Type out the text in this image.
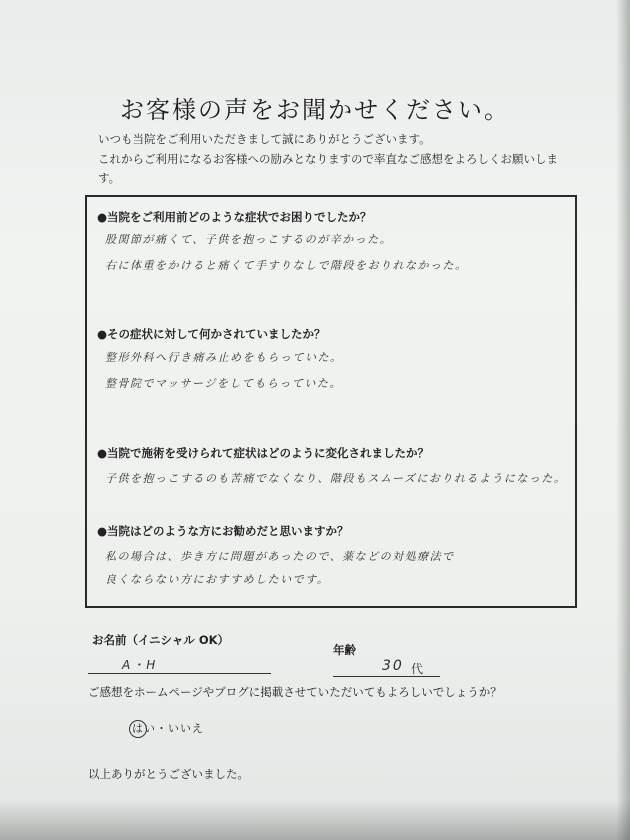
お客様の声をお聞かせください。
いつも当院をご利用いただきまして誠にありがとうございます。
これからご利用になるお客様への励みとなりますので率直なご感想をよろしくお願いしま
す。
●当院をご利用前どのような症状でお困りでしたか？
股関節が痛くて、子供を抱っこするのが辛かった。
右に体重をかけると痛くて手すりなしで階段をおりれなかった。
●その症状に対して何かされていましたか？
整形外科へ行き痛み止めをもらっていた。
整骨院でマッサージをしてもらっていた。
●当院で施術を受けられて症状はどのように変化されましたか？
子供を抱っこするのも苦痛でなくなり、階段もスムーズにおりれるようになった。
●当院はどのような方にお勧めだと思いますか？
私の場合は、歩き方に問題があったので、薬などの対処療法で
良くならない方におすすめしたいです。
お名前（イニシャル OK）
A・H
年齢
30 代
ご感想をホームページやブログに掲載させていただいてもよろしいでしょうか？
はい・いいえ
以上ありがとうございました。
